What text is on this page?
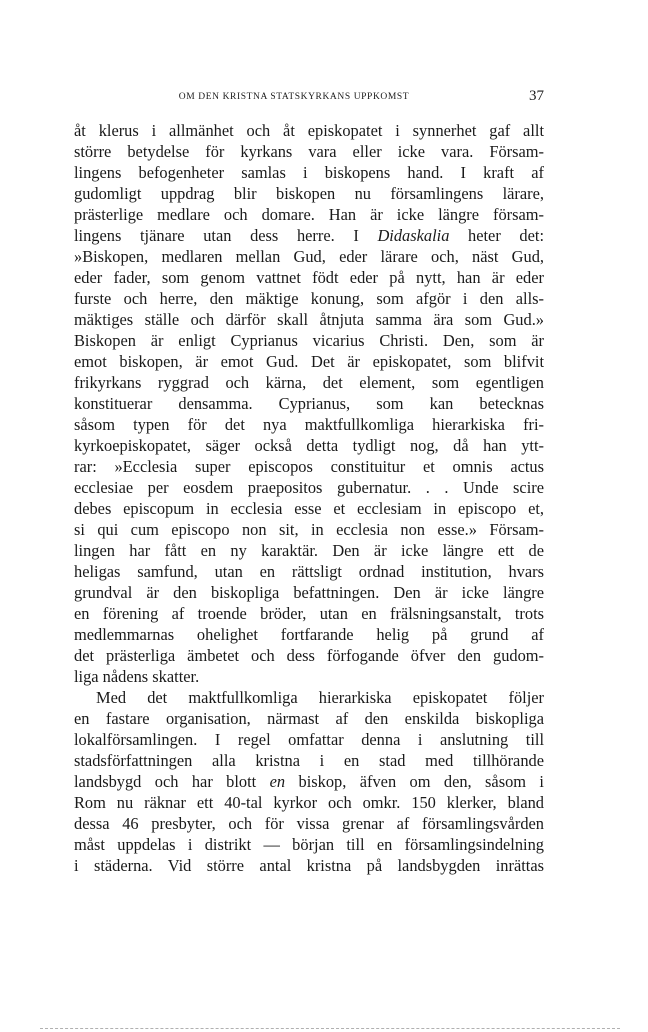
OM DEN KRISTNA STATSKYRKANS UPPKOMST	37
åt klerus i allmänhet och åt episkopatet i synnerhet gaf allt
större betydelse för kyrkans vara eller icke vara. Försam-
lingens befogenheter samlas i biskopens hand. I kraft af
gudomligt uppdrag blir biskopen nu församlingens lärare,
prästerlige medlare och domare. Han är icke längre försam-
lingens tjänare utan dess herre. I Didaskalia heter det:
»Biskopen, medlaren mellan Gud, eder lärare och, näst Gud,
eder fader, som genom vattnet födt eder på nytt, han är eder
furste och herre, den mäktige konung, som afgör i den alls-
mäktiges ställe och därför skall åtnjuta samma ära som Gud.»
Biskopen är enligt Cyprianus vicarius Christi. Den, som är
emot biskopen, är emot Gud. Det är episkopatet, som blifvit
frikyrkans ryggrad och kärna, det element, som egentligen
konstituerar densamma. Cyprianus, som kan betecknas
såsom typen för det nya maktfullkomliga hierarkiska fri-
kyrkoepiskopatet, säger också detta tydligt nog, då han ytt-
rar: »Ecclesia super episcopos constituitur et omnis actus
ecclesiae per eosdem praepositos gubernatur. . . Unde scire
debes episcopum in ecclesia esse et ecclesiam in episcopo et,
si qui cum episcopo non sit, in ecclesia non esse.» Försam-
lingen har fått en ny karaktär. Den är icke längre ett de
heligas samfund, utan en rättsligt ordnad institution, hvars
grundval är den biskopliga befattningen. Den är icke längre
en förening af troende bröder, utan en frälsningsanstalt, trots
medlemmarnas ohelighet fortfarande helig på grund af
det prästerliga ämbetet och dess förfogande öfver den gudom-
liga nådens skatter.
Med det maktfullkomliga hierarkiska episkopatet följer
en fastare organisation, närmast af den enskilda biskopliga
lokalförsamlingen. I regel omfattar denna i anslutning till
stadsförfattningen alla kristna i en stad med tillhörande
landsbygd och har blott en biskop, äfven om den, såsom i
Rom nu räknar ett 40-tal kyrkor och omkr. 150 klerker, bland
dessa 46 presbyter, och för vissa grenar af församlingsvården
måst uppdelas i distrikt — början till en församlingsindelning
i städerna. Vid större antal kristna på landsbygden inrättas
